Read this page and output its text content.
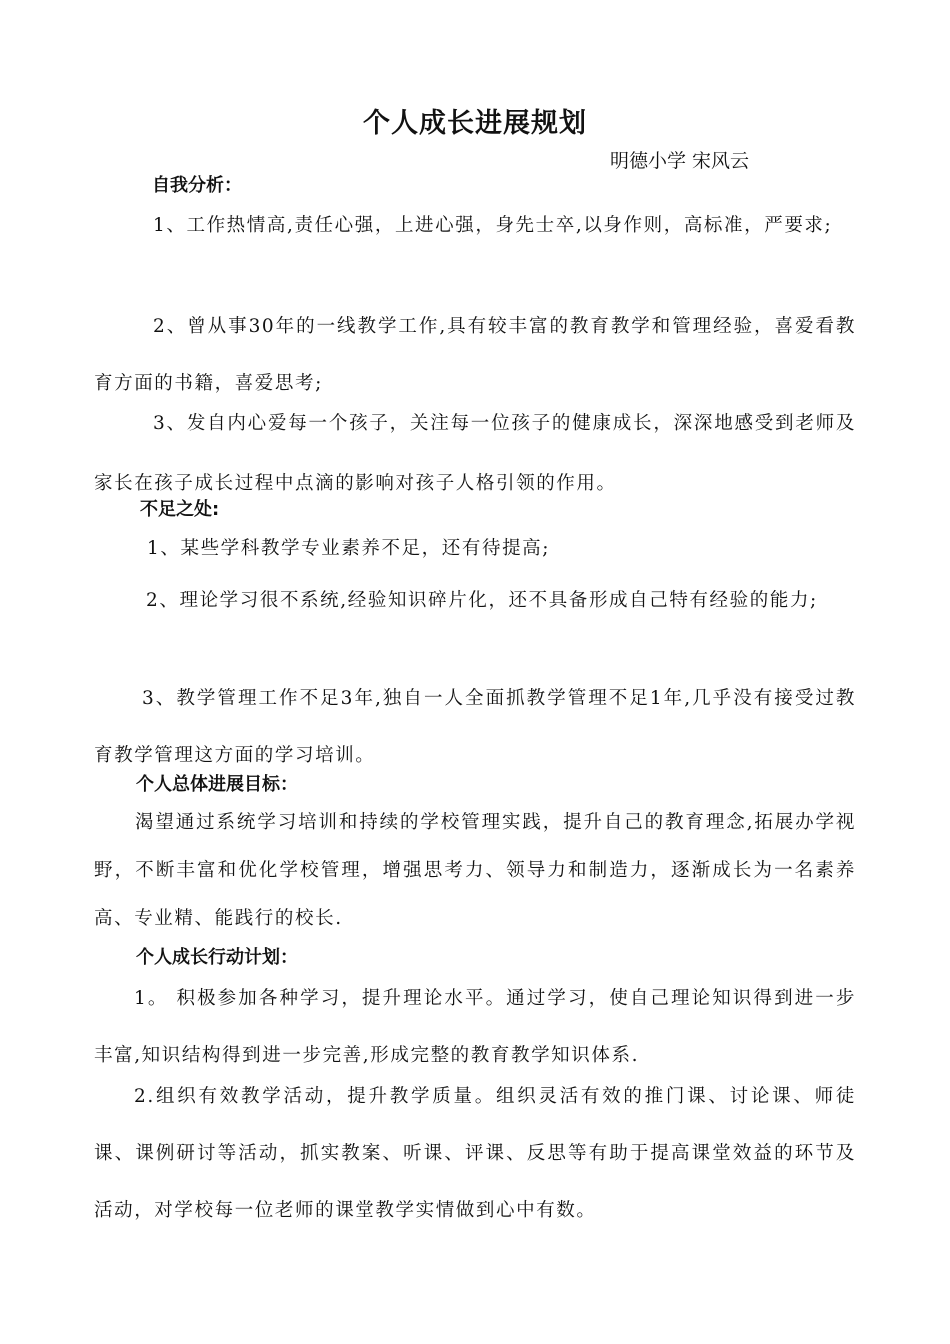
个人成长进展规划
明德小学 宋风云
自我分析：
1、工作热情高,责任心强，上进心强，身先士卒,以身作则，高标准，严要求;
2、曾从事30年的一线教学工作,具有较丰富的教育教学和管理经验，喜爱看教育方面的书籍，喜爱思考;
3、发自内心爱每一个孩子，关注每一位孩子的健康成长，深深地感受到老师及家长在孩子成长过程中点滴的影响对孩子人格引领的作用。
不足之处:
1、某些学科教学专业素养不足，还有待提高;
2、理论学习很不系统,经验知识碎片化，还不具备形成自己特有经验的能力;
3、教学管理工作不足3年,独自一人全面抓教学管理不足1年,几乎没有接受过教育教学管理这方面的学习培训。
个人总体进展目标：
渴望通过系统学习培训和持续的学校管理实践，提升自己的教育理念,拓展办学视野，不断丰富和优化学校管理，增强思考力、领导力和制造力，逐渐成长为一名素养高、专业精、能践行的校长.
个人成长行动计划：
1。 积极参加各种学习，提升理论水平。通过学习，使自己理论知识得到进一步丰富,知识结构得到进一步完善,形成完整的教育教学知识体系.
2.组织有效教学活动，提升教学质量。组织灵活有效的推门课、讨论课、师徒课、课例研讨等活动，抓实教案、听课、评课、反思等有助于提高课堂效益的环节及活动，对学校每一位老师的课堂教学实情做到心中有数。
